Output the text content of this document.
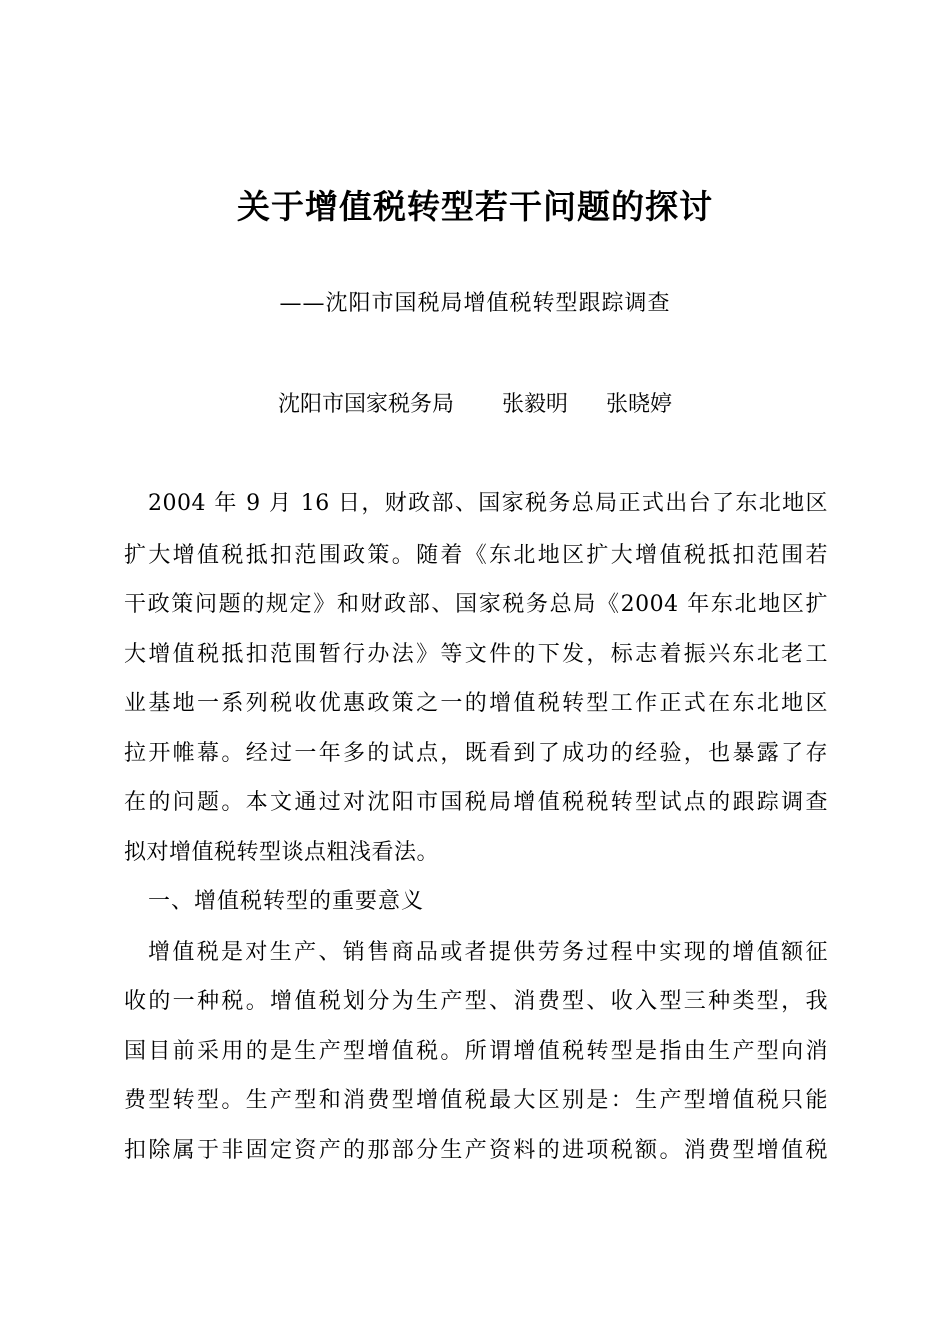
关于增值税转型若干问题的探讨
——沈阳市国税局增值税转型跟踪调查
沈阳市国家税务局 张毅明 张晓婷
2004 年 9 月 16 日，财政部、国家税务总局正式出台了东北地区
扩大增值税抵扣范围政策。随着《东北地区扩大增值税抵扣范围若
干政策问题的规定》和财政部、国家税务总局《2004 年东北地区扩
大增值税抵扣范围暂行办法》等文件的下发，标志着振兴东北老工
业基地一系列税收优惠政策之一的增值税转型工作正式在东北地区
拉开帷幕。经过一年多的试点，既看到了成功的经验，也暴露了存
在的问题。本文通过对沈阳市国税局增值税税转型试点的跟踪调查
拟对增值税转型谈点粗浅看法。
一、增值税转型的重要意义
增值税是对生产、销售商品或者提供劳务过程中实现的增值额征
收的一种税。增值税划分为生产型、消费型、收入型三种类型，我
国目前采用的是生产型增值税。所谓增值税转型是指由生产型向消
费型转型。生产型和消费型增值税最大区别是：生产型增值税只能
扣除属于非固定资产的那部分生产资料的进项税额。消费型增值税
